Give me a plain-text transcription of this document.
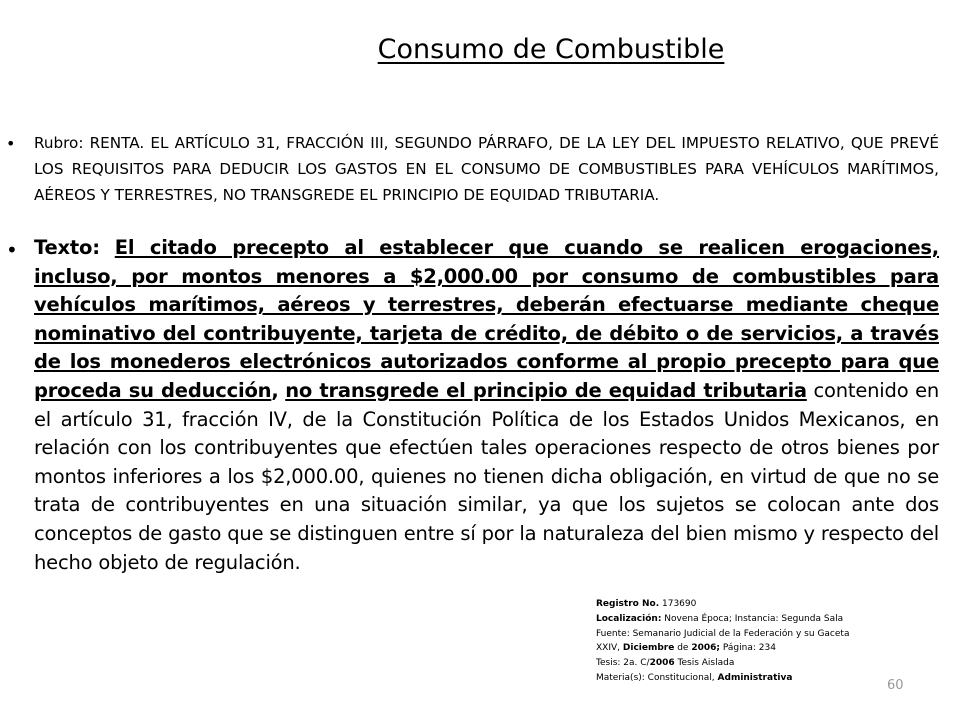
Consumo de Combustible
• Rubro: RENTA. EL ARTÍCULO 31, FRACCIÓN III, SEGUNDO PÁRRAFO, DE LA LEY DEL IMPUESTO RELATIVO, QUE PREVÉ LOS REQUISITOS PARA DEDUCIR LOS GASTOS EN EL CONSUMO DE COMBUSTIBLES PARA VEHÍCULOS MARÍTIMOS, AÉREOS Y TERRESTRES, NO TRANSGREDE EL PRINCIPIO DE EQUIDAD TRIBUTARIA.
• Texto: El citado precepto al establecer que cuando se realicen erogaciones, incluso, por montos menores a $2,000.00 por consumo de combustibles para vehículos marítimos, aéreos y terrestres, deberán efectuarse mediante cheque nominativo del contribuyente, tarjeta de crédito, de débito o de servicios, a través de los monederos electrónicos autorizados conforme al propio precepto para que proceda su deducción, no transgrede el principio de equidad tributaria contenido en el artículo 31, fracción IV, de la Constitución Política de los Estados Unidos Mexicanos, en relación con los contribuyentes que efectúen tales operaciones respecto de otros bienes por montos inferiores a los $2,000.00, quienes no tienen dicha obligación, en virtud de que no se trata de contribuyentes en una situación similar, ya que los sujetos se colocan ante dos conceptos de gasto que se distinguen entre sí por la naturaleza del bien mismo y respecto del hecho objeto de regulación.
Registro No. 173690
Localización: Novena Época; Instancia: Segunda Sala
Fuente: Semanario Judicial de la Federación y su Gaceta
XXIV, Diciembre de 2006; Página: 234
Tesis: 2a. C/2006 Tesis Aislada
Materia(s): Constitucional, Administrativa
60
